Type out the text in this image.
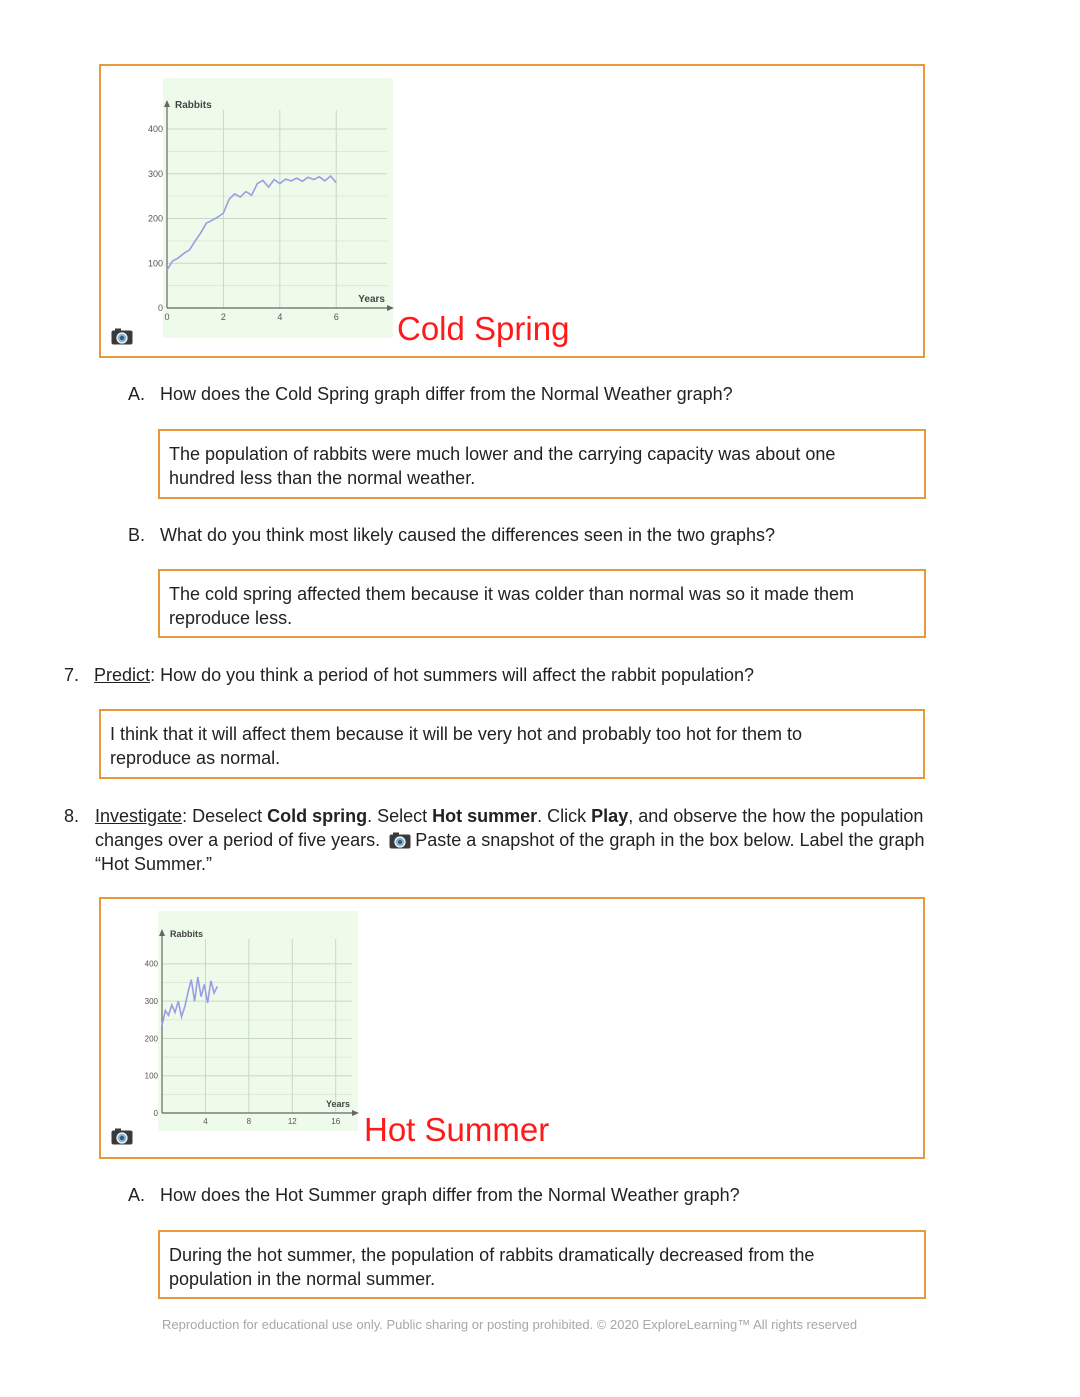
0
100
200
300
400
0	2	4	6
Rabbits
Years
Cold Spring
A. How does the Cold Spring graph differ from the Normal Weather graph?
The population of rabbits were much lower and the carrying capacity was about one
hundred less than the normal weather.
B. What do you think most likely caused the differences seen in the two graphs?
The cold spring affected them because it was colder than normal was so it made them
reproduce less.
7. Predict: How do you think a period of hot summers will affect the rabbit population?
I think that it will affect them because it will be very hot and probably too hot for them to
reproduce as normal.
8. Investigate: Deselect Cold spring. Select Hot summer. Click Play, and observe the how the population
changes over a period of five years. Paste a snapshot of the graph in the box below. Label the graph
“Hot Summer.”
0
100
200
300
400
4	8	12	16
Rabbits
Years
Hot Summer
A. How does the Hot Summer graph differ from the Normal Weather graph?
During the hot summer, the population of rabbits dramatically decreased from the
population in the normal summer.
Reproduction for educational use only. Public sharing or posting prohibited. © 2020 ExploreLearning™ All rights reserved
